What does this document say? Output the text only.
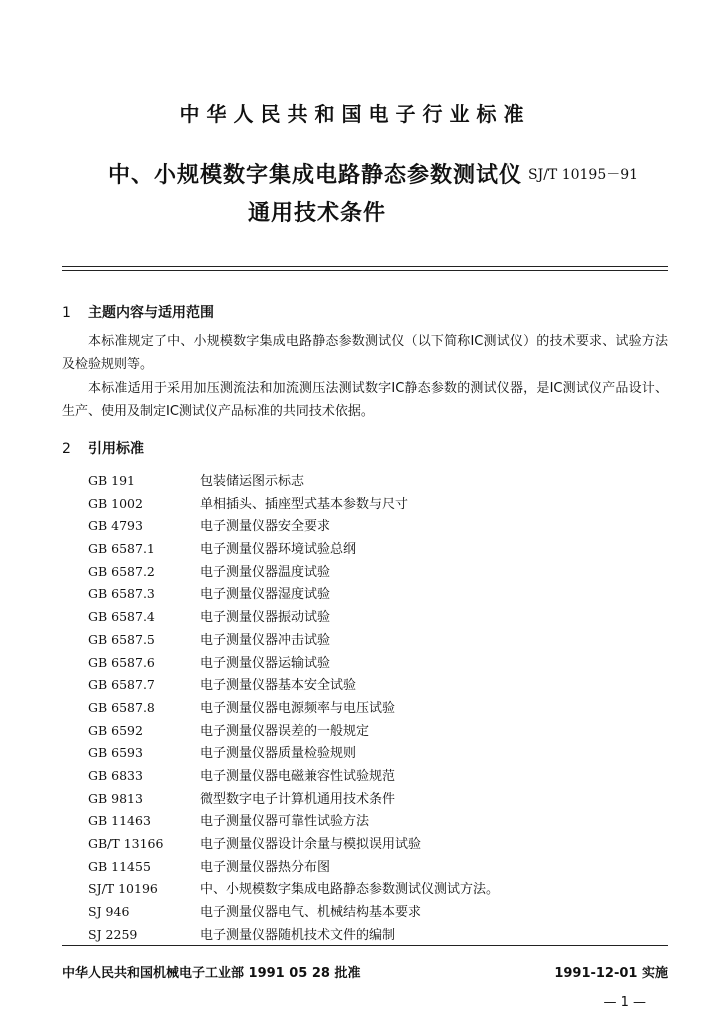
中华人民共和国电子行业标准
中、小规模数字集成电路静态参数测试仪
通用技术条件
SJ/T 10195－91
1 主题内容与适用范围
本标准规定了中、小规模数字集成电路静态参数测试仪（以下简称IC测试仪）的技术要求、试验方法及检验规则等。
本标准适用于采用加压测流法和加流测压法测试数字IC静态参数的测试仪器，是IC测试仪产品设计、生产、使用及制定IC测试仪产品标准的共同技术依据。
2 引用标准
GB 191	包装储运图示标志
GB 1002	单相插头、插座型式基本参数与尺寸
GB 4793	电子测量仪器安全要求
GB 6587.1	电子测量仪器环境试验总纲
GB 6587.2	电子测量仪器温度试验
GB 6587.3	电子测量仪器湿度试验
GB 6587.4	电子测量仪器振动试验
GB 6587.5	电子测量仪器冲击试验
GB 6587.6	电子测量仪器运输试验
GB 6587.7	电子测量仪器基本安全试验
GB 6587.8	电子测量仪器电源频率与电压试验
GB 6592	电子测量仪器误差的一般规定
GB 6593	电子测量仪器质量检验规则
GB 6833	电子测量仪器电磁兼容性试验规范
GB 9813	微型数字电子计算机通用技术条件
GB 11463	电子测量仪器可靠性试验方法
GB/T 13166	电子测量仪器设计余量与模拟误用试验
GB 11455	电子测量仪器热分布图
SJ/T 10196	中、小规模数字集成电路静态参数测试仪测试方法。
SJ 946	电子测量仪器电气、机械结构基本要求
SJ 2259	电子测量仪器随机技术文件的编制
中华人民共和国机械电子工业部 1991 05 28 批准	1991-12-01 实施
— 1 —
